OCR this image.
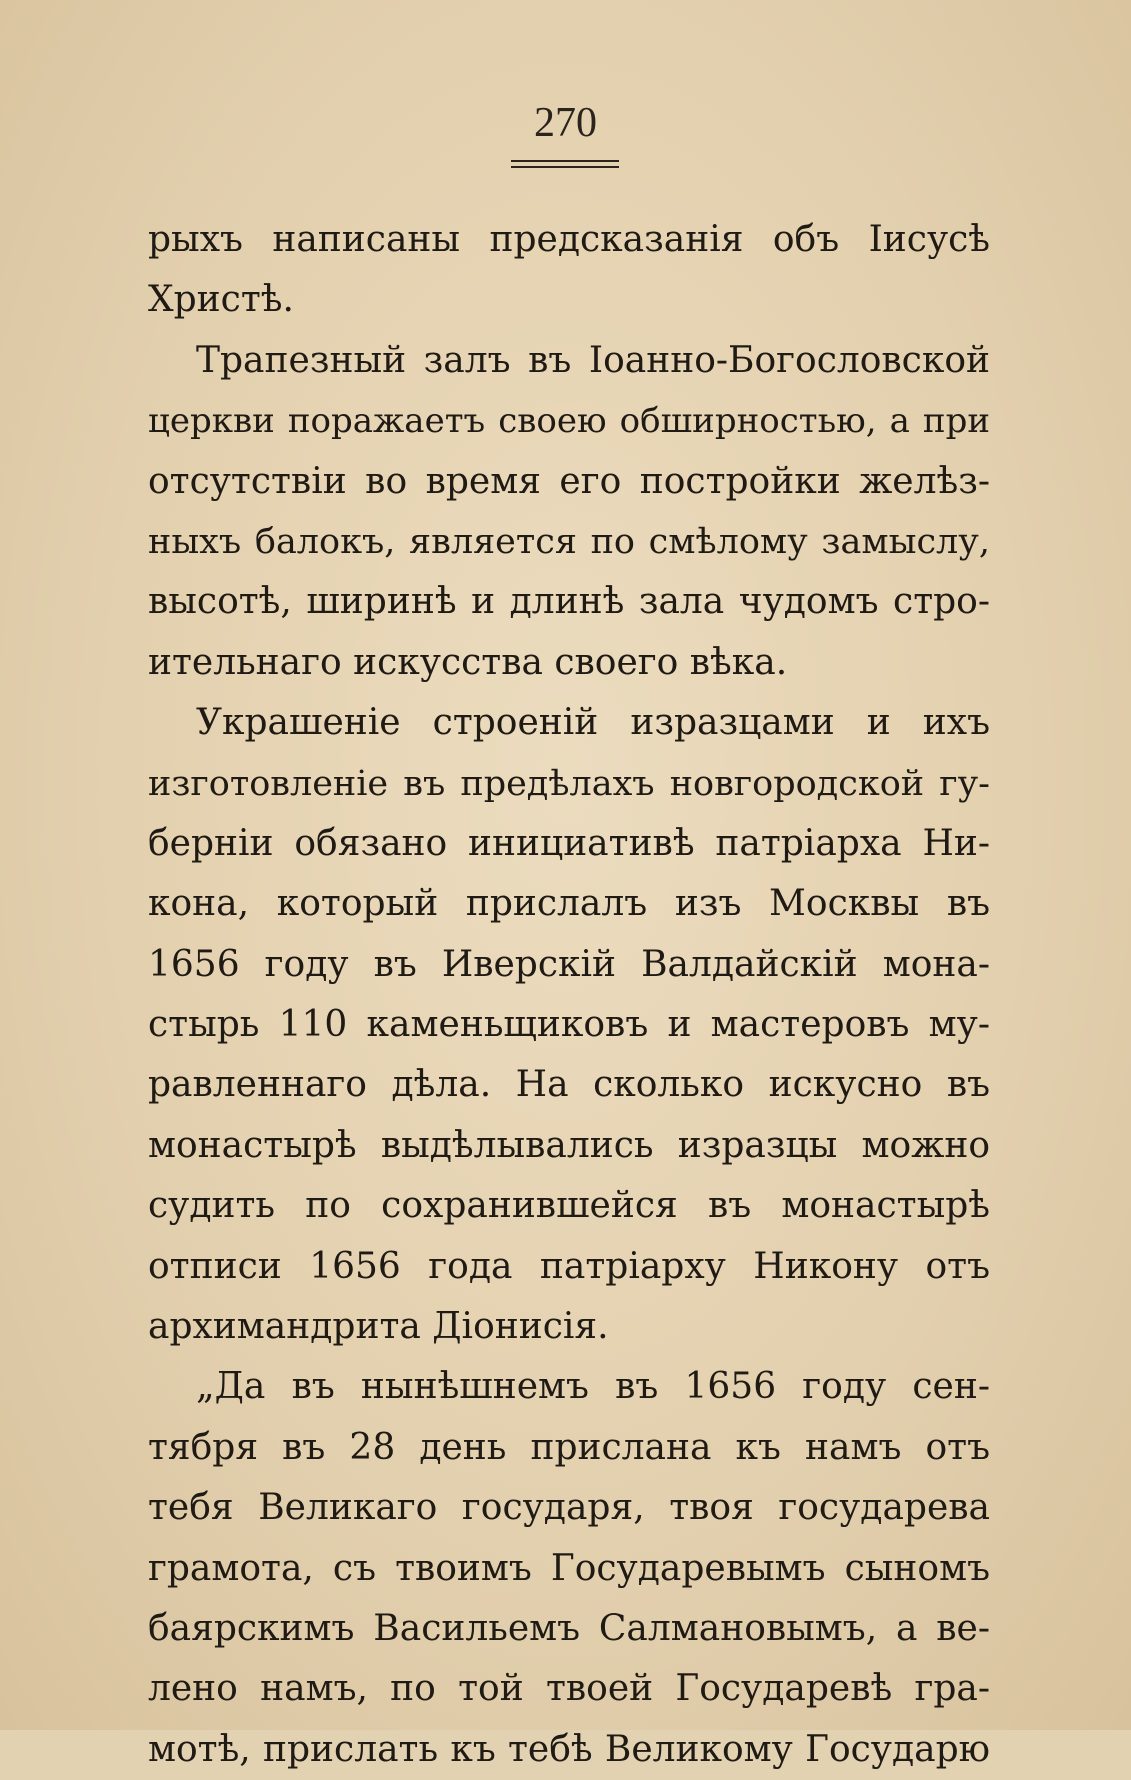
270
рыхъ написаны предсказанія объ Іисусѣ
Христѣ.
Трапезный залъ въ Іоанно-Богословской
церкви поражаетъ своею обширностью, а при
отсутствіи во время его постройки желѣз-
ныхъ балокъ, является по смѣлому замыслу,
высотѣ, ширинѣ и длинѣ зала чудомъ стро-
ительнаго искусства своего вѣка.
Украшеніе строеній изразцами и ихъ
изготовленіе въ предѣлахъ новгородской гу-
берніи обязано инициативѣ патріарха Ни-
кона, который прислалъ изъ Москвы въ
1656 году въ Иверскій Валдайскій мона-
стырь 110 каменьщиковъ и мастеровъ му-
равленнаго дѣла. На сколько искусно въ
монастырѣ выдѣлывались изразцы можно
судить по сохранившейся въ монастырѣ
отписи 1656 года патріарху Никону отъ
архимандрита Діонисія.
„Да въ нынѣшнемъ въ 1656 году сен-
тября въ 28 день прислана къ намъ отъ
тебя Великаго государя, твоя государева
грамота, съ твоимъ Государевымъ сыномъ
баярскимъ Васильемъ Салмановымъ, а ве-
лено намъ, по той твоей Государевѣ гра-
мотѣ, прислать къ тебѣ Великому Государю
